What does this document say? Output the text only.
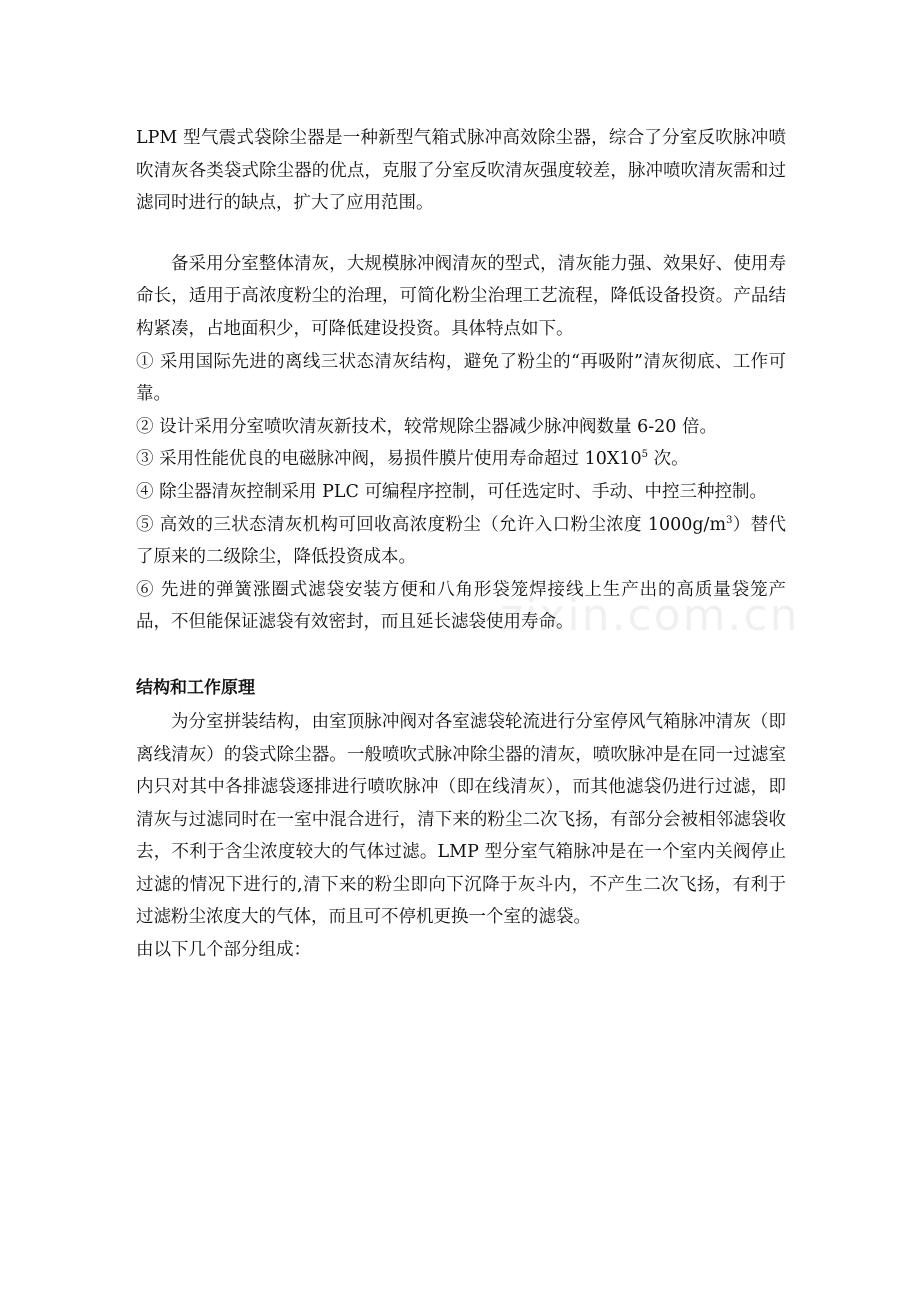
LPM 型气震式袋除尘器是一种新型气箱式脉冲高效除尘器，综合了分室反吹脉冲喷吹清灰各类袋式除尘器的优点，克服了分室反吹清灰强度较差，脉冲喷吹清灰需和过滤同时进行的缺点，扩大了应用范围。

备采用分室整体清灰，大规模脉冲阀清灰的型式，清灰能力强、效果好、使用寿命长，适用于高浓度粉尘的治理，可简化粉尘治理工艺流程，降低设备投资。产品结构紧凑，占地面积少，可降低建设投资。具体特点如下。

① 采用国际先进的离线三状态清灰结构，避免了粉尘的“再吸附”清灰彻底、工作可靠。

② 设计采用分室喷吹清灰新技术，较常规除尘器减少脉冲阀数量 6-20 倍。

③ 采用性能优良的电磁脉冲阀，易损件膜片使用寿命超过 $10X10^5$ 次。

④ 除尘器清灰控制采用 PLC 可编程序控制，可任选定时、手动、中控三种控制。

⑤ 高效的三状态清灰机构可回收高浓度粉尘（允许入口粉尘浓度 $1000g/m^3$）替代了原来的二级除尘，降低投资成本。

⑥ 先进的弹簧涨圈式滤袋安装方便和八角形袋笼焊接线上生产出的高质量袋笼产品，不但能保证滤袋有效密封，而且延长滤袋使用寿命。

结构和工作原理

为分室拼装结构，由室顶脉冲阀对各室滤袋轮流进行分室停风气箱脉冲清灰（即离线清灰）的袋式除尘器。一般喷吹式脉冲除尘器的清灰，喷吹脉冲是在同一过滤室内只对其中各排滤袋逐排进行喷吹脉冲（即在线清灰），而其他滤袋仍进行过滤，即清灰与过滤同时在一室中混合进行，清下来的粉尘二次飞扬，有部分会被相邻滤袋收去，不利于含尘浓度较大的气体过滤。LMP 型分室气箱脉冲是在一个室内关阀停止过滤的情况下进行的,清下来的粉尘即向下沉降于灰斗内，不产生二次飞扬，有利于过滤粉尘浓度大的气体，而且可不停机更换一个室的滤袋。

由以下几个部分组成：

zixin.com.cn
